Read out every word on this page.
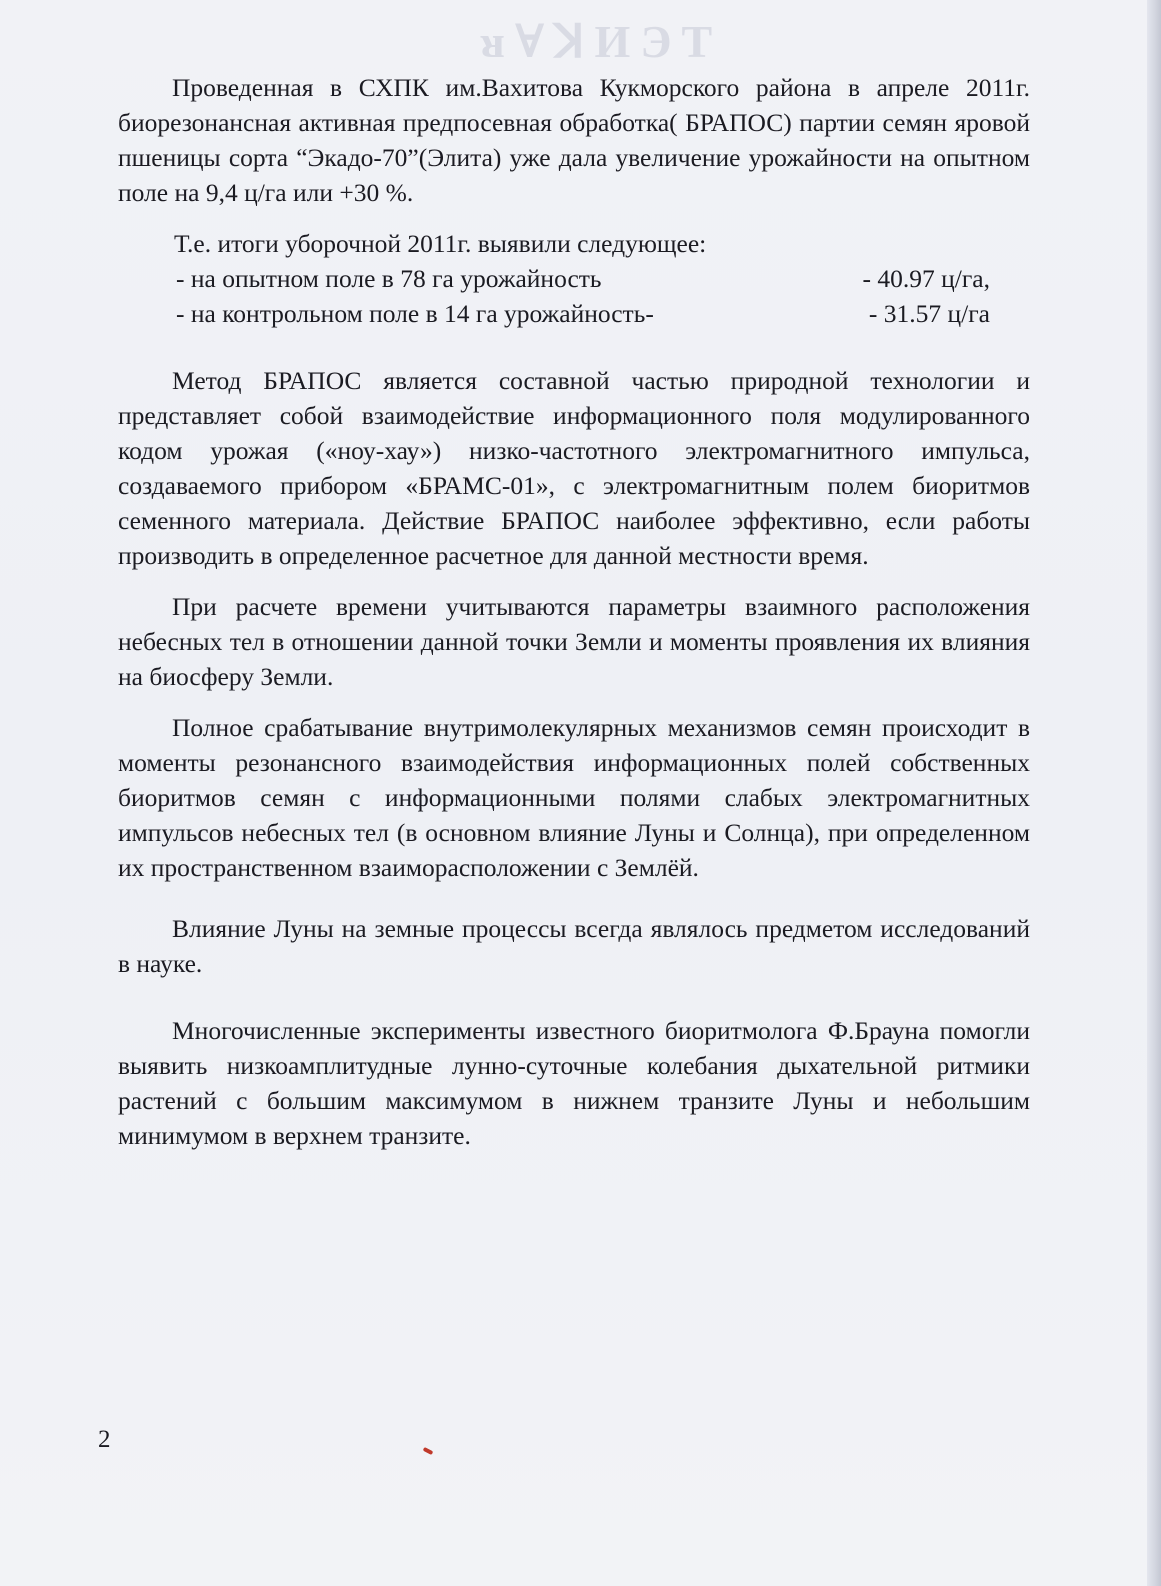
ᴚ∀ꓘИЭТ

Проведенная в СХПК им.Вахитова Кукморского района в апреле 2011г. биорезонансная активная предпосевная обработка( БРАПОС) партии семян яровой пшеницы сорта “Экадо-70”(Элита) уже дала увеличение урожайности на опытном поле на 9,4 ц/га или +30 %.

Т.е. итоги уборочной 2011г. выявили следующее:

- на опытном поле в 78 га урожайность	- 40.97 ц/га,
- на контрольном поле в 14 га урожайность-	- 31.57 ц/га

Метод БРАПОС является составной частью природной технологии и представляет собой взаимодействие информационного поля модулированного кодом урожая («ноу-хау») низко-частотного электромагнитного импульса, создаваемого прибором «БРАМС-01», с электромагнитным полем биоритмов семенного материала. Действие БРАПОС наиболее эффективно, если работы производить в определенное расчетное для данной местности время.

При расчете времени учитываются параметры взаимного расположения небесных тел в отношении данной точки Земли и моменты проявления их влияния на биосферу Земли.

Полное срабатывание внутримолекулярных механизмов семян происходит в моменты резонансного взаимодействия информационных полей собственных биоритмов семян с информационными полями слабых электромагнитных импульсов небесных тел (в основном влияние Луны и Солнца), при определенном их пространственном взаиморасположении с Землёй.

Влияние Луны на земные процессы всегда являлось предметом исследований в науке.

Многочисленные эксперименты известного биоритмолога Ф.Брауна помогли выявить низкоамплитудные лунно-суточные колебания дыхательной ритмики растений с большим максимумом в нижнем транзите Луны и небольшим минимумом в верхнем транзите.

2
